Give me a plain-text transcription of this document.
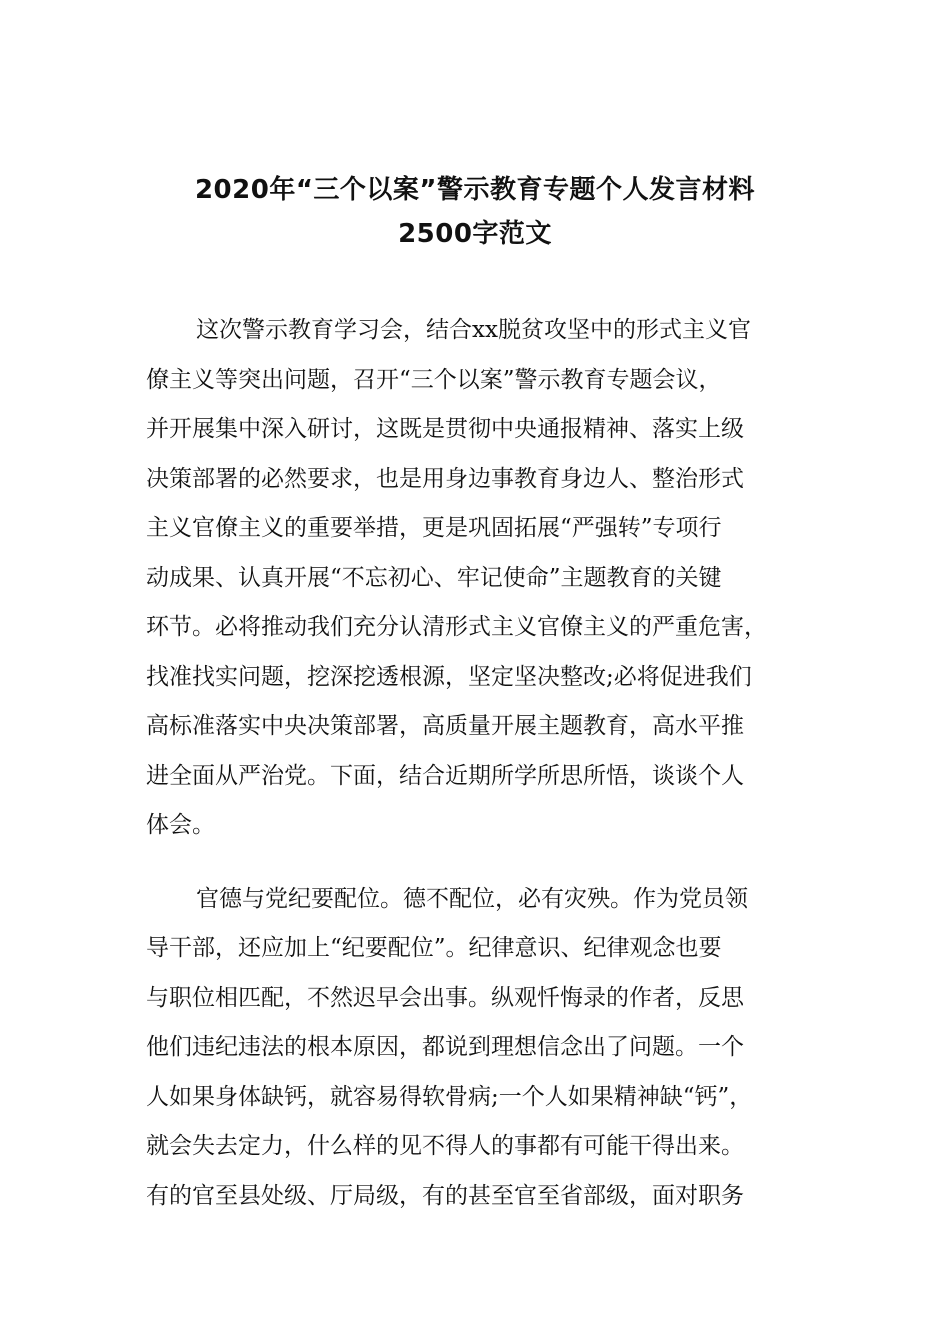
2020年“三个以案”警示教育专题个人发言材料
2500字范文
这次警示教育学习会，结合xx脱贫攻坚中的形式主义官
僚主义等突出问题，召开“三个以案”警示教育专题会议，
并开展集中深入研讨，这既是贯彻中央通报精神、落实上级
决策部署的必然要求，也是用身边事教育身边人、整治形式
主义官僚主义的重要举措，更是巩固拓展“严强转”专项行
动成果、认真开展“不忘初心、牢记使命”主题教育的关键
环节。必将推动我们充分认清形式主义官僚主义的严重危害，
找准找实问题，挖深挖透根源，坚定坚决整改;必将促进我们
高标准落实中央决策部署，高质量开展主题教育，高水平推
进全面从严治党。下面，结合近期所学所思所悟，谈谈个人
体会。
官德与党纪要配位。德不配位，必有灾殃。作为党员领
导干部，还应加上“纪要配位”。纪律意识、纪律观念也要
与职位相匹配，不然迟早会出事。纵观忏悔录的作者，反思
他们违纪违法的根本原因，都说到理想信念出了问题。一个
人如果身体缺钙，就容易得软骨病;一个人如果精神缺“钙”，
就会失去定力，什么样的见不得人的事都有可能干得出来。
有的官至县处级、厅局级，有的甚至官至省部级，面对职务
